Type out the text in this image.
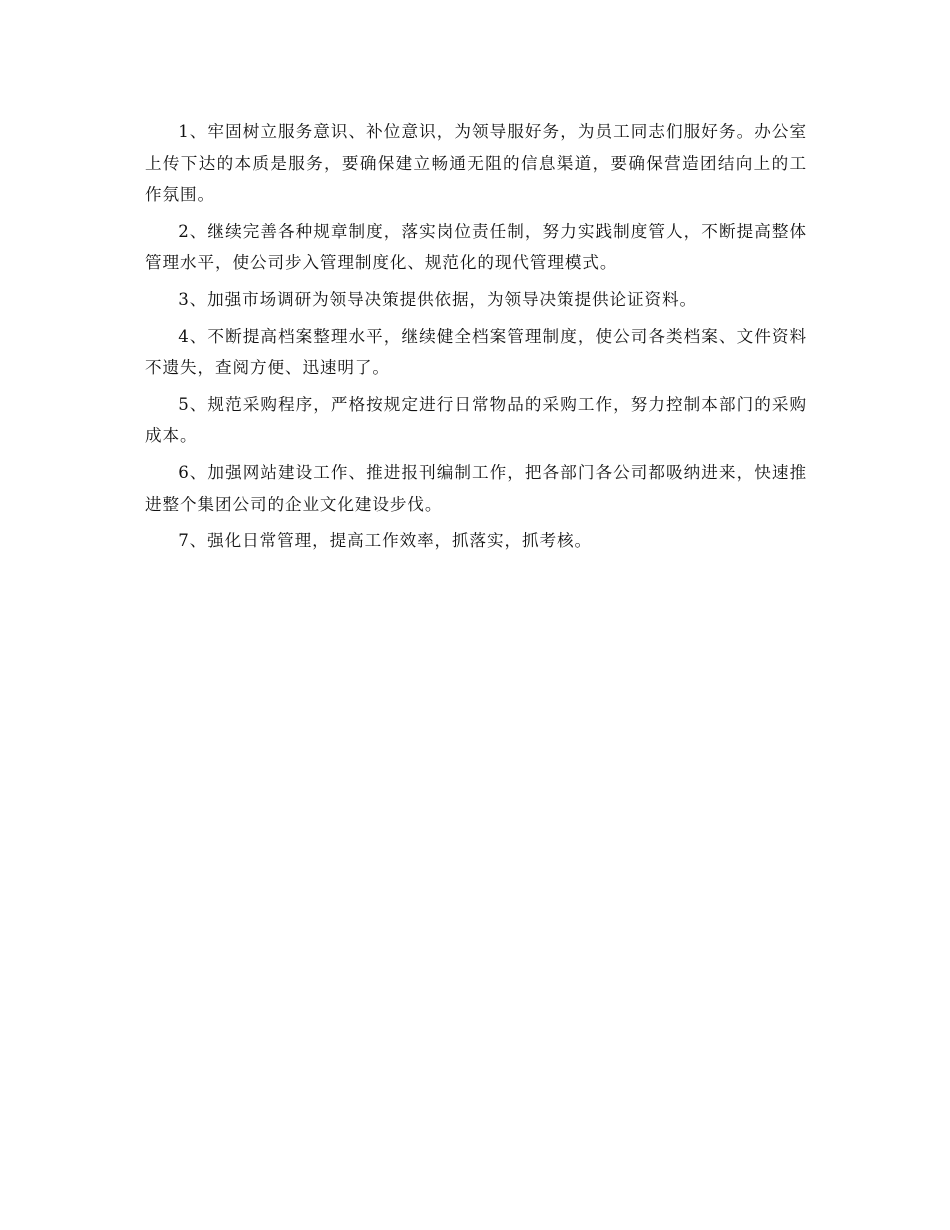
1、牢固树立服务意识、补位意识，为领导服好务，为员工同志们服好务。办公室上传下达的本质是服务，要确保建立畅通无阻的信息渠道，要确保营造团结向上的工作氛围。

2、继续完善各种规章制度，落实岗位责任制，努力实践制度管人，不断提高整体管理水平，使公司步入管理制度化、规范化的现代管理模式。

3、加强市场调研为领导决策提供依据，为领导决策提供论证资料。

4、不断提高档案整理水平，继续健全档案管理制度，使公司各类档案、文件资料不遗失，查阅方便、迅速明了。

5、规范采购程序，严格按规定进行日常物品的采购工作，努力控制本部门的采购成本。

6、加强网站建设工作、推进报刊编制工作，把各部门各公司都吸纳进来，快速推进整个集团公司的企业文化建设步伐。

7、强化日常管理，提高工作效率，抓落实，抓考核。
